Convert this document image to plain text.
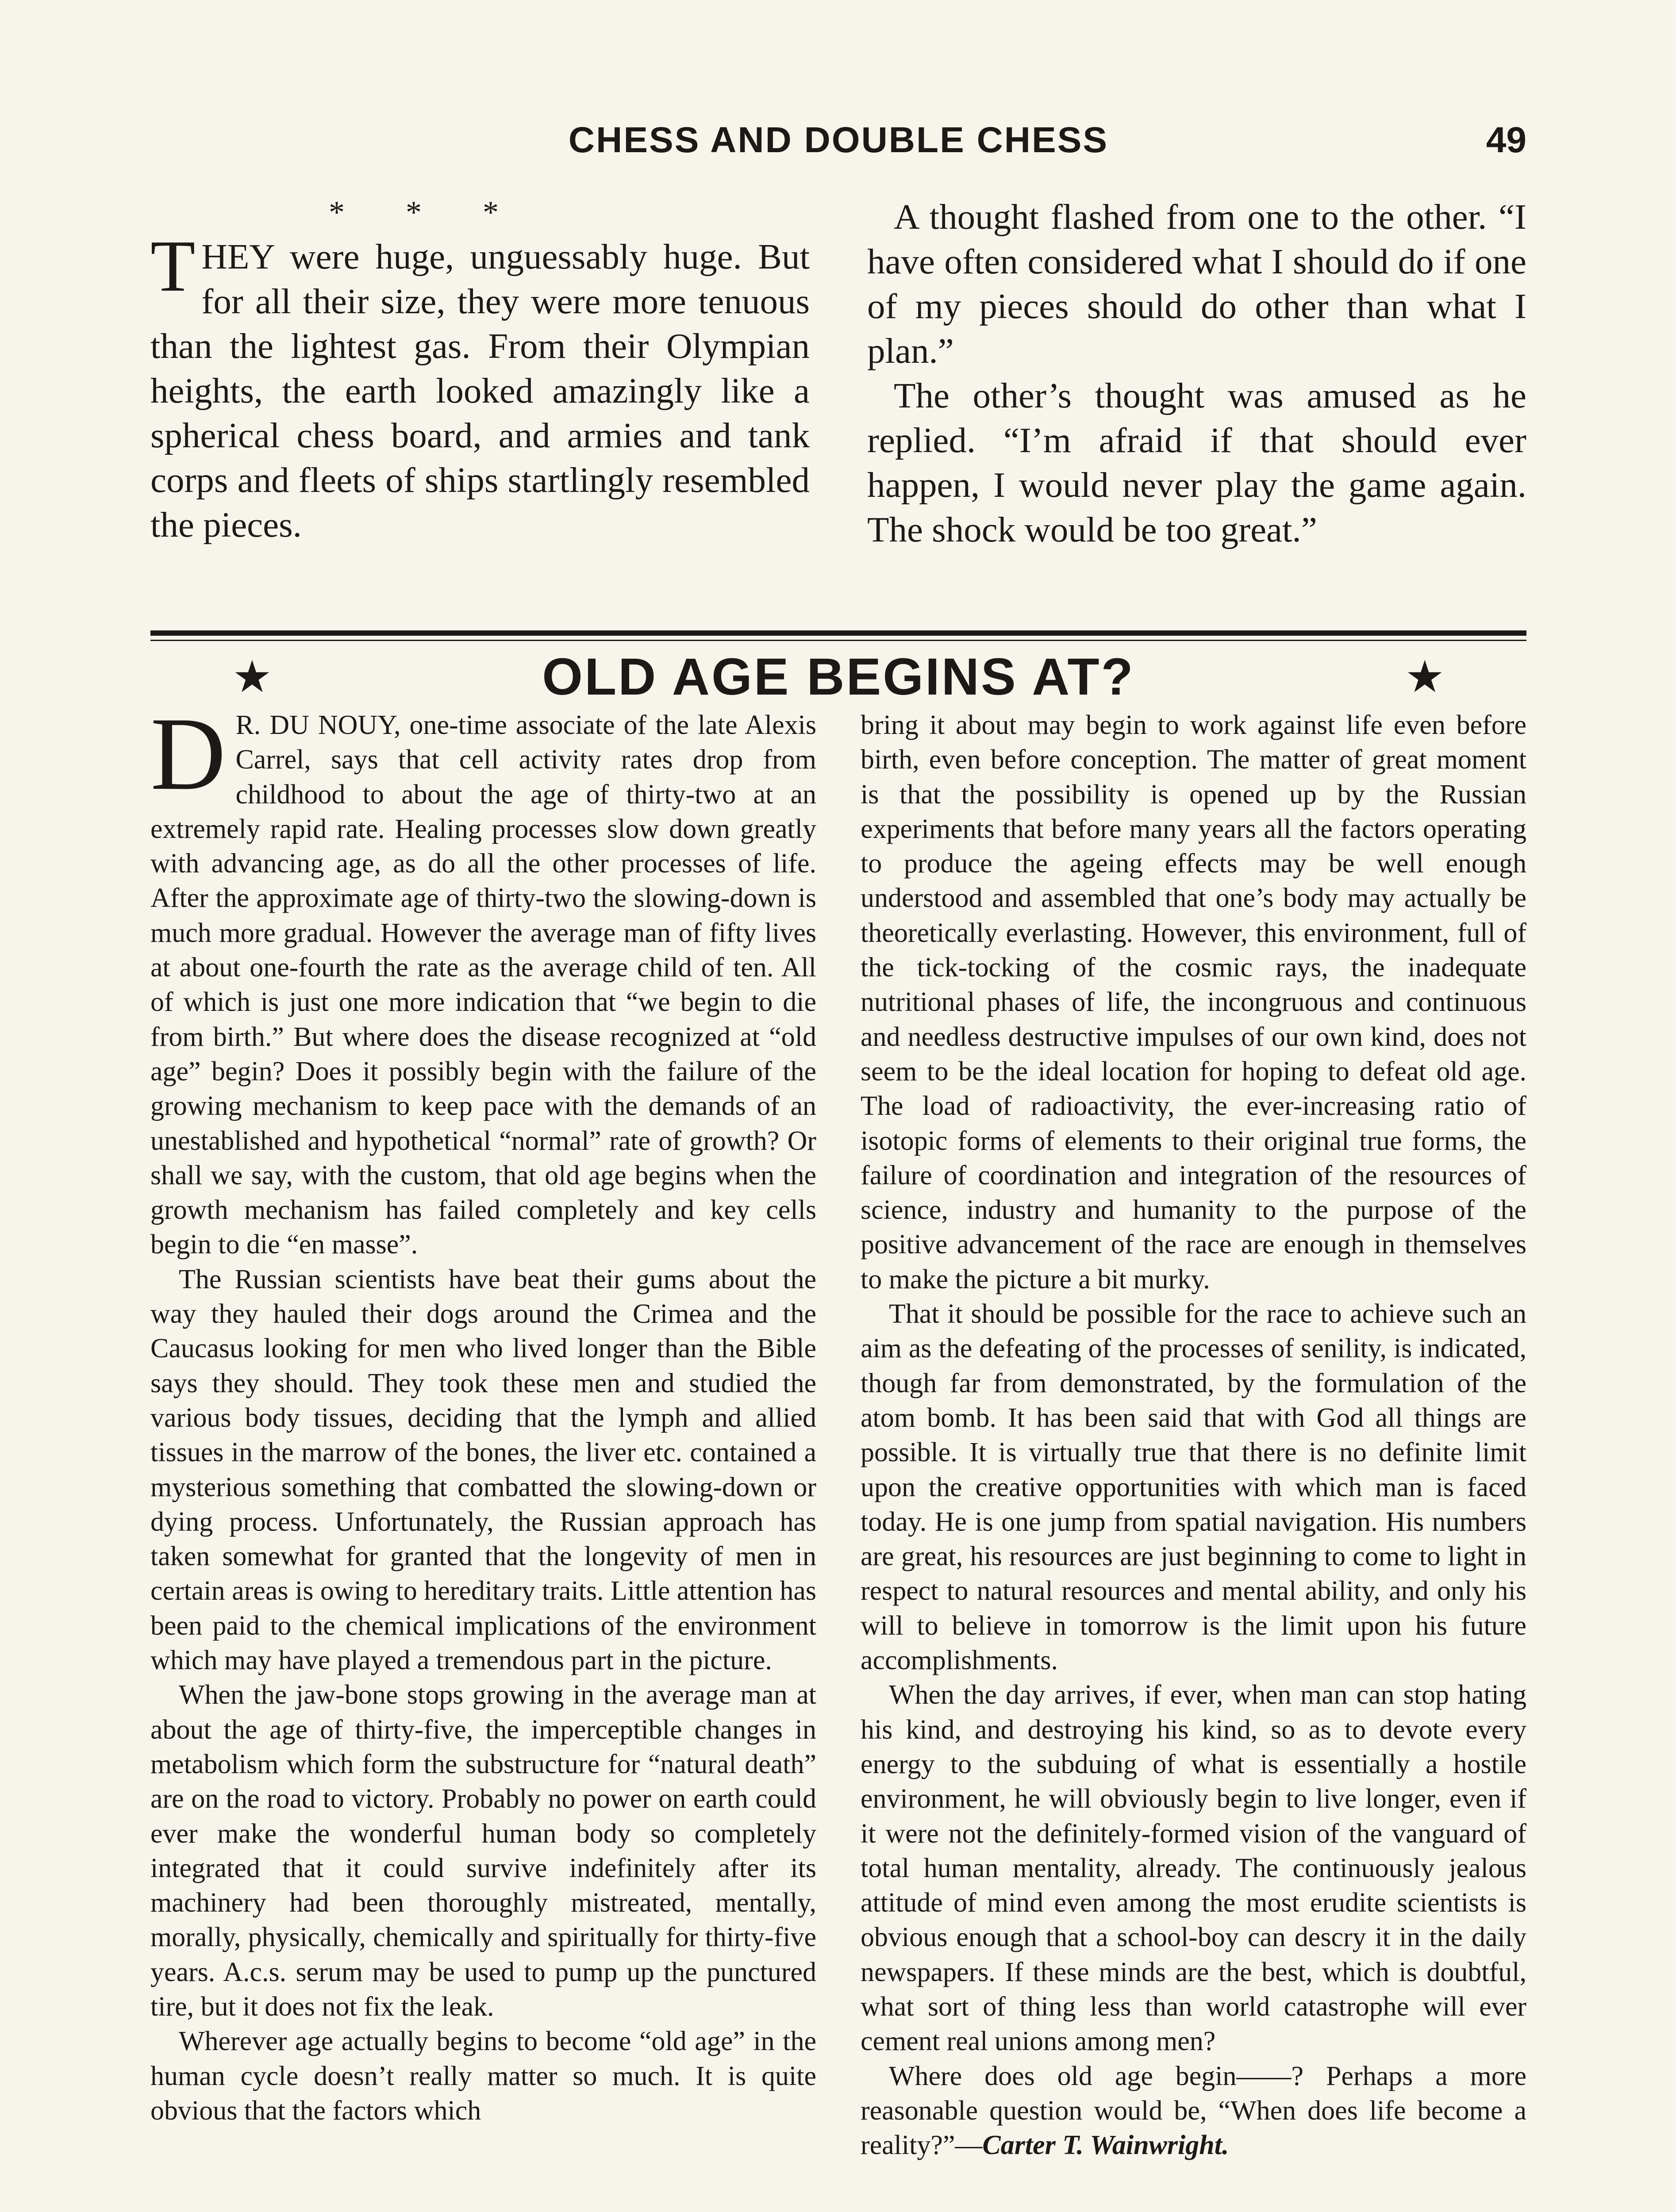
CHESS AND DOUBLE CHESS	49
* * *

THEY were huge, unguessably huge. But for all their size, they were more tenuous than the lightest gas. From their Olympian heights, the earth looked amazingly like a spherical chess board, and armies and tank corps and fleets of ships startlingly resembled the pieces.

A thought flashed from one to the other. “I have often considered what I should do if one of my pieces should do other than what I plan.”

The other’s thought was amused as he replied. “I’m afraid if that should ever happen, I would never play the game again. The shock would be too great.”

★	OLD AGE BEGINS AT?	★

D R. DU NOUY, one-time associate of the late Alexis Carrel, says that cell activity rates drop from childhood to about the age of thirty-two at an extremely rapid rate. Healing processes slow down greatly with advancing age, as do all the other processes of life. After the approximate age of thirty-two the slowing-down is much more gradual. However the average man of fifty lives at about one-fourth the rate as the average child of ten. All of which is just one more indication that “we begin to die from birth.” But where does the disease recognized at “old age” begin? Does it possibly begin with the failure of the growing mechanism to keep pace with the demands of an unestablished and hypothetical “normal” rate of growth? Or shall we say, with the custom, that old age begins when the growth mechanism has failed completely and key cells begin to die “en masse”.

The Russian scientists have beat their gums about the way they hauled their dogs around the Crimea and the Caucasus looking for men who lived longer than the Bible says they should. They took these men and studied the various body tissues, deciding that the lymph and allied tissues in the marrow of the bones, the liver etc. contained a mysterious something that combatted the slowing-down or dying process. Unfortunately, the Russian approach has taken somewhat for granted that the longevity of men in certain areas is owing to hereditary traits. Little attention has been paid to the chemical implications of the environment which may have played a tremendous part in the picture.

When the jaw-bone stops growing in the average man at about the age of thirty-five, the imperceptible changes in metabolism which form the substructure for “natural death” are on the road to victory. Probably no power on earth could ever make the wonderful human body so completely integrated that it could survive indefinitely after its machinery had been thoroughly mistreated, mentally, morally, physically, chemically and spiritually for thirty-five years. A.c.s. serum may be used to pump up the punctured tire, but it does not fix the leak.

Wherever age actually begins to become “old age” in the human cycle doesn’t really matter so much. It is quite obvious that the factors which

bring it about may begin to work against life even before birth, even before conception. The matter of great moment is that the possibility is opened up by the Russian experiments that before many years all the factors operating to produce the ageing effects may be well enough understood and assembled that one’s body may actually be theoretically everlasting. However, this environment, full of the tick-tocking of the cosmic rays, the inadequate nutritional phases of life, the incongruous and continuous and needless destructive impulses of our own kind, does not seem to be the ideal location for hoping to defeat old age. The load of radioactivity, the ever-increasing ratio of isotopic forms of elements to their original true forms, the failure of coordination and integration of the resources of science, industry and humanity to the purpose of the positive advancement of the race are enough in themselves to make the picture a bit murky.

That it should be possible for the race to achieve such an aim as the defeating of the processes of senility, is indicated, though far from demonstrated, by the formulation of the atom bomb. It has been said that with God all things are possible. It is virtually true that there is no definite limit upon the creative opportunities with which man is faced today. He is one jump from spatial navigation. His numbers are great, his resources are just beginning to come to light in respect to natural resources and mental ability, and only his will to believe in tomorrow is the limit upon his future accomplishments.

When the day arrives, if ever, when man can stop hating his kind, and destroying his kind, so as to devote every energy to the subduing of what is essentially a hostile environment, he will obviously begin to live longer, even if it were not the definitely-formed vision of the vanguard of total human mentality, already. The continuously jealous attitude of mind even among the most erudite scientists is obvious enough that a school-boy can descry it in the daily newspapers. If these minds are the best, which is doubtful, what sort of thing less than world catastrophe will ever cement real unions among men?

Where does old age begin——? Perhaps a more reasonable question would be, “When does life become a reality?”—Carter T. Wainwright.
